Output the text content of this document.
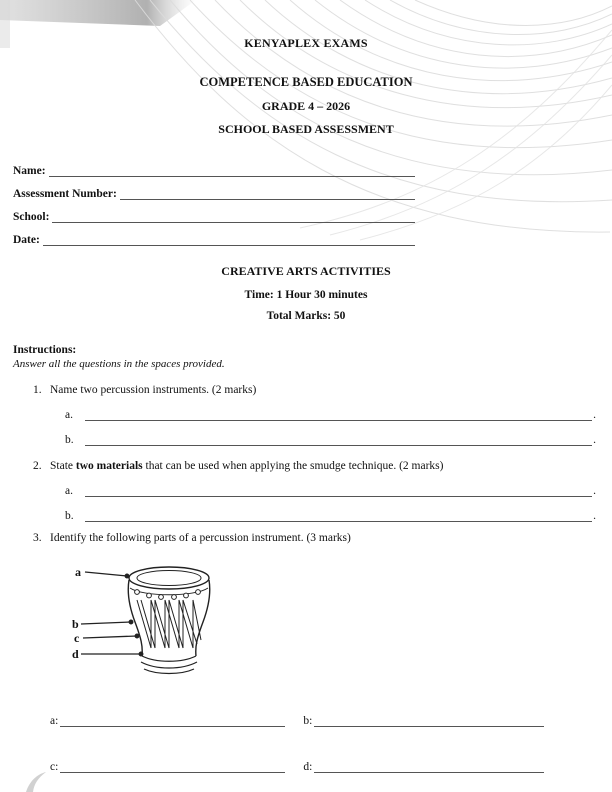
KENYAPLEX EXAMS
COMPETENCE BASED EDUCATION
GRADE 4 – 2026
SCHOOL BASED ASSESSMENT
Name:
Assessment Number:
School:
Date:
CREATIVE ARTS ACTIVITIES
Time: 1 Hour 30 minutes
Total Marks: 50
Instructions:
Answer all the questions in the spaces provided.
1. Name two percussion instruments. (2 marks)
a.	.
b.	.
2. State two materials that can be used when applying the smudge technique. (2 marks)
a.	.
b.	.
3. Identify the following parts of a percussion instrument. (3 marks)
a
b
c
d
a:	b:
c:	d:
